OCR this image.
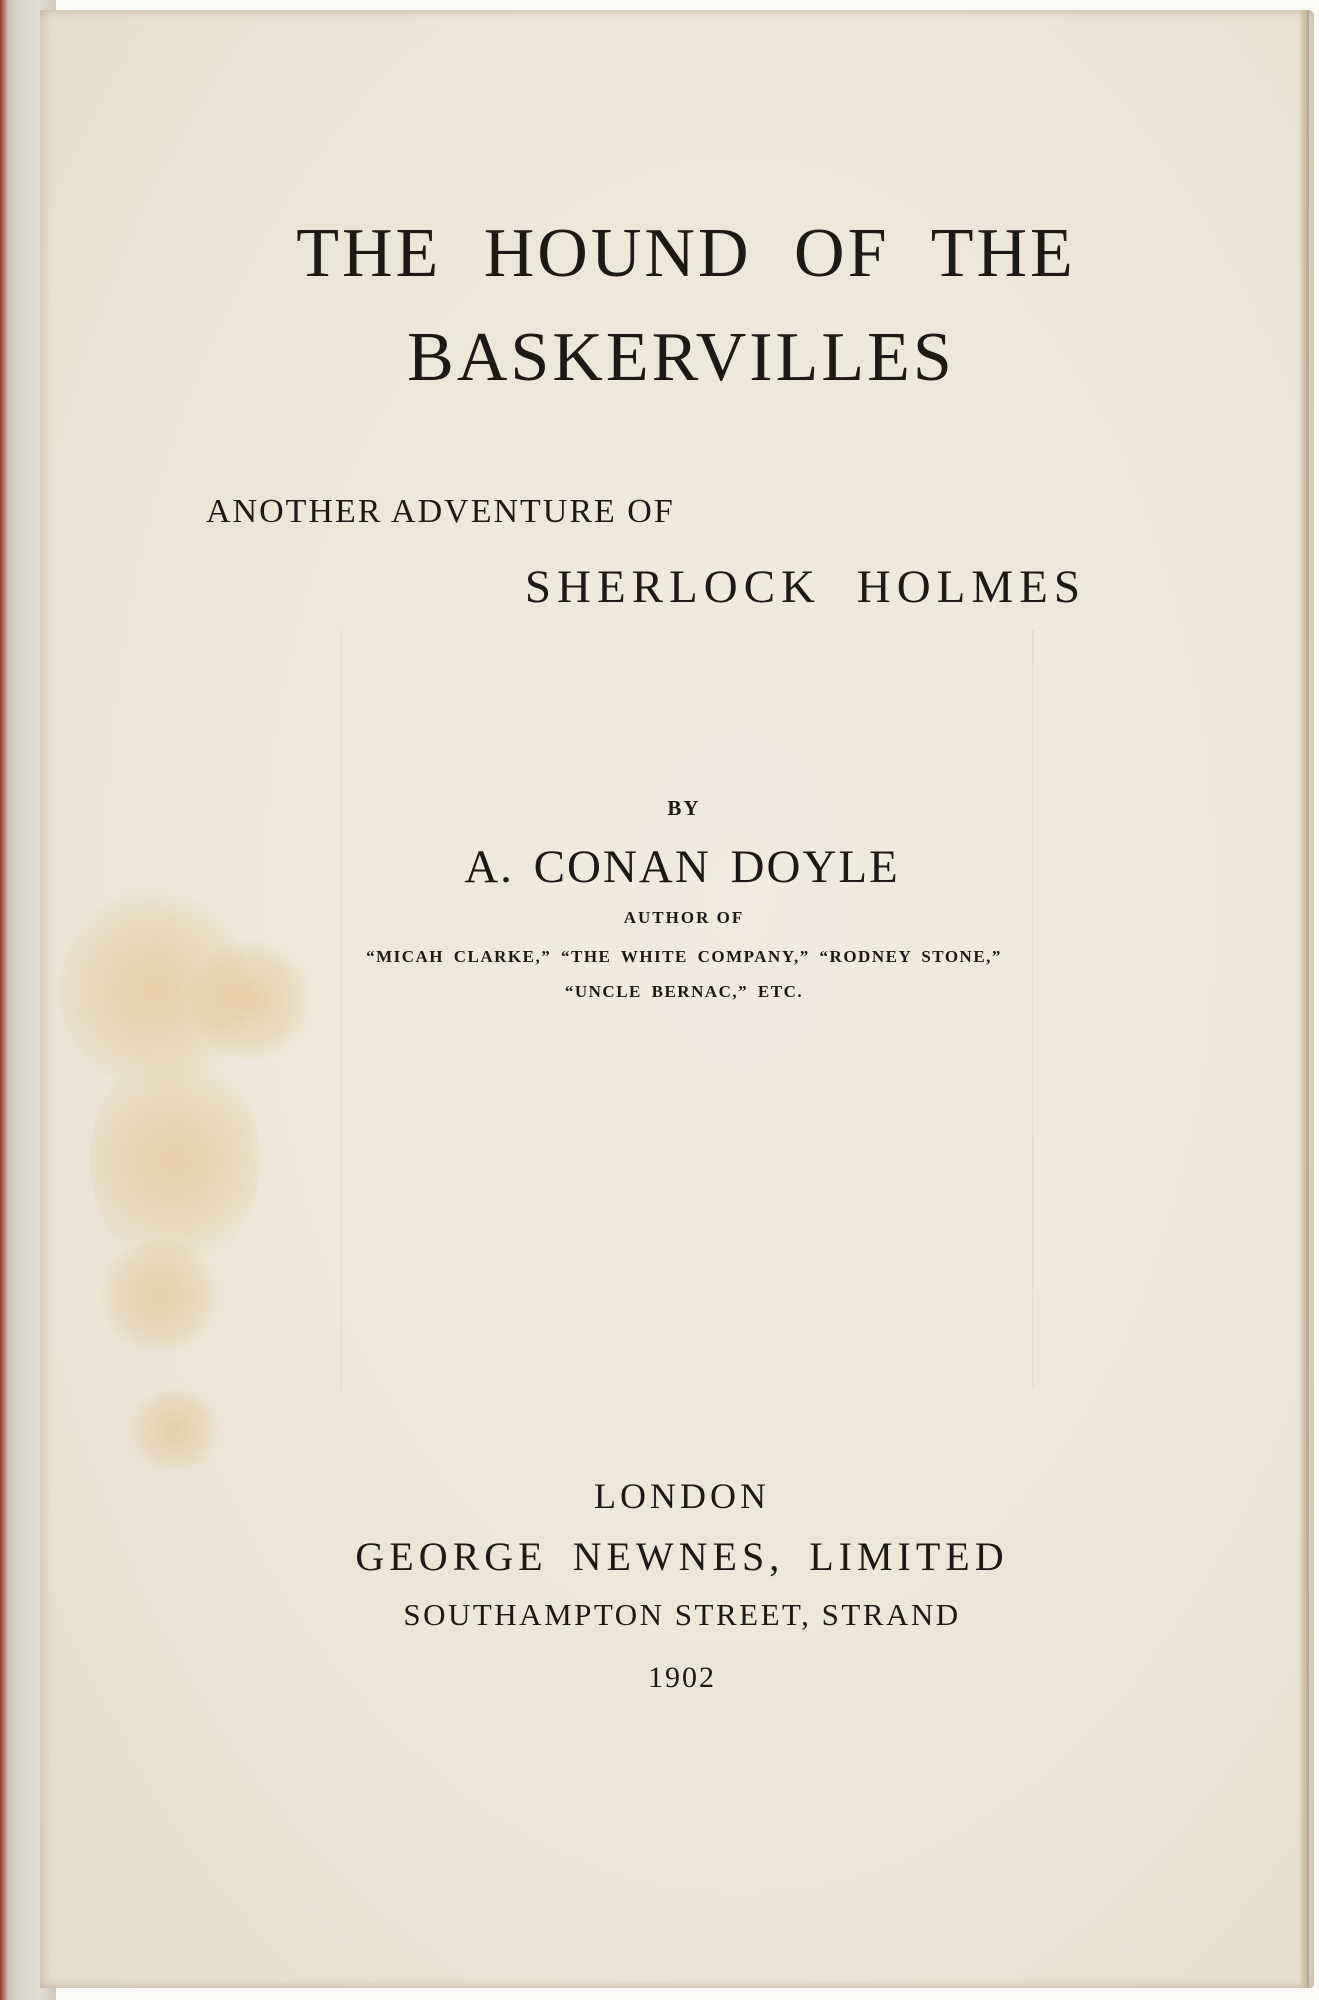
THE HOUND OF THE
BASKERVILLES
ANOTHER ADVENTURE OF
SHERLOCK HOLMES
BY
A. CONAN DOYLE
AUTHOR OF
“MICAH CLARKE,” “THE WHITE COMPANY,” “RODNEY STONE,”
“UNCLE BERNAC,” ETC.
LONDON
GEORGE NEWNES, LIMITED
SOUTHAMPTON STREET, STRAND
1902
